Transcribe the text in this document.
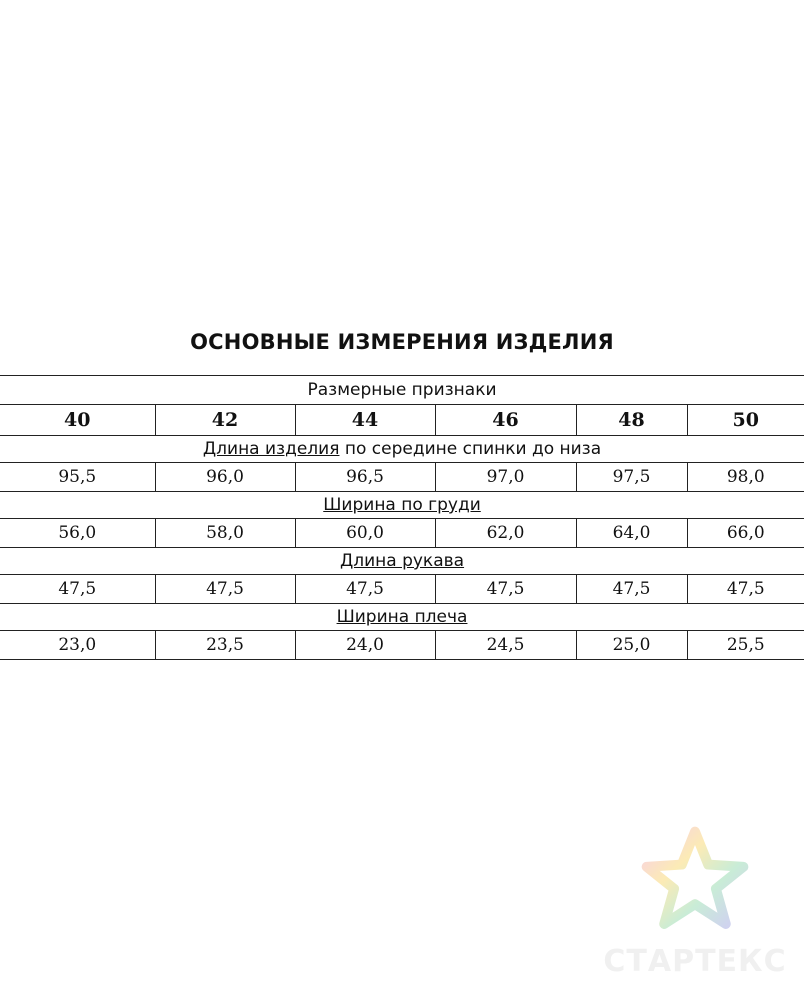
ОСНОВНЫЕ ИЗМЕРЕНИЯ ИЗДЕЛИЯ
Размерные признаки					
40	42	44	46	48	50
Длина изделия по середине спинки до низа					
95,5	96,0	96,5	97,0	97,5	98,0
Ширина по груди					
56,0	58,0	60,0	62,0	64,0	66,0
Длина рукава					
47,5	47,5	47,5	47,5	47,5	47,5
Ширина плеча					
23,0	23,5	24,0	24,5	25,0	25,5
СТАРТЕКС
